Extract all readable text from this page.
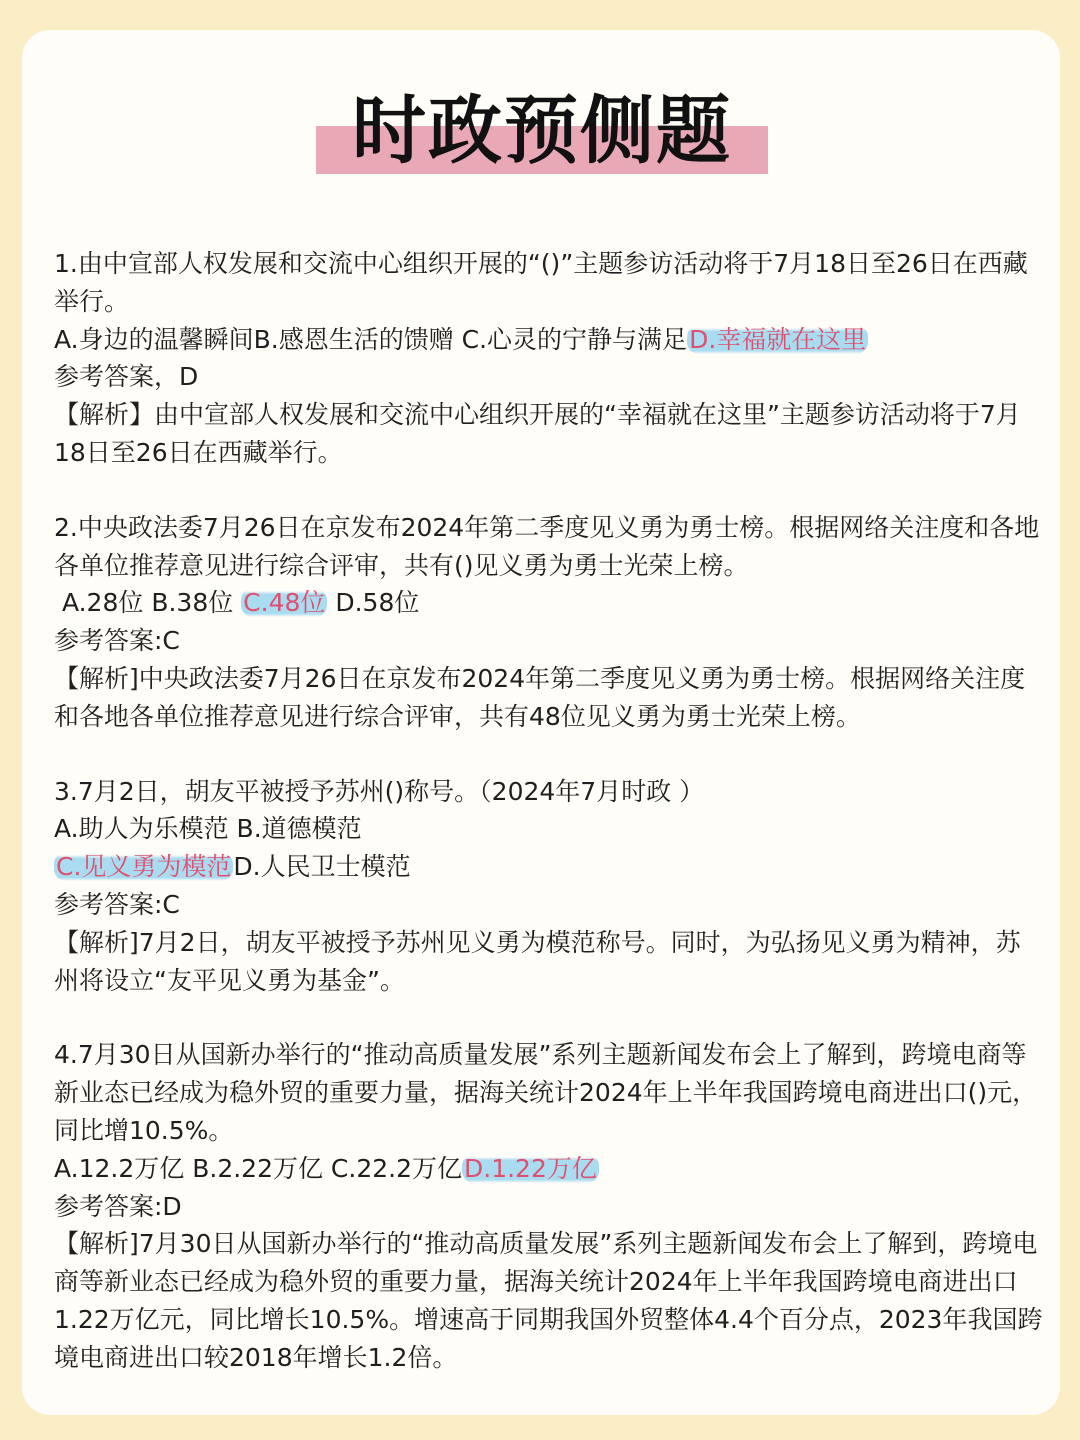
时政预侧题
1.由中宣部人权发展和交流中心组织开展的“()”主题参访活动将于7月18日至26日在西藏举行。
A.身边的温馨瞬间B.感恩生活的馈赠 C.心灵的宁静与满足D.幸福就在这里
参考答案，D
【解析】由中宣部人权发展和交流中心组织开展的“幸福就在这里”主题参访活动将于7月18日至26日在西藏举行。
2.中央政法委7月26日在京发布2024年第二季度见义勇为勇士榜。根据网络关注度和各地各单位推荐意见进行综合评审，共有()见义勇为勇士光荣上榜。
A.28位 B.38位 C.48位 D.58位
参考答案:C
【解析]中央政法委7月26日在京发布2024年第二季度见义勇为勇士榜。根据网络关注度和各地各单位推荐意见进行综合评审，共有48位见义勇为勇士光荣上榜。
3.7月2日，胡友平被授予苏州()称号。（2024年7月时政 ）
A.助人为乐模范 B.道德模范
C.见义勇为模范D.人民卫士模范
参考答案:C
【解析]7月2日，胡友平被授予苏州见义勇为模范称号。同时，为弘扬见义勇为精神，苏州将设立“友平见义勇为基金”。
4.7月30日从国新办举行的“推动高质量发展”系列主题新闻发布会上了解到，跨境电商等新业态已经成为稳外贸的重要力量，据海关统计2024年上半年我国跨境电商进出口()元，同比增10.5%。
A.12.2万亿 B.2.22万亿 C.22.2万亿D.1.22万亿
参考答案:D
【解析]7月30日从国新办举行的“推动高质量发展”系列主题新闻发布会上了解到，跨境电商等新业态已经成为稳外贸的重要力量，据海关统计2024年上半年我国跨境电商进出口1.22万亿元，同比增长10.5%。增速高于同期我国外贸整体4.4个百分点，2023年我国跨境电商进出口较2018年增长1.2倍。
